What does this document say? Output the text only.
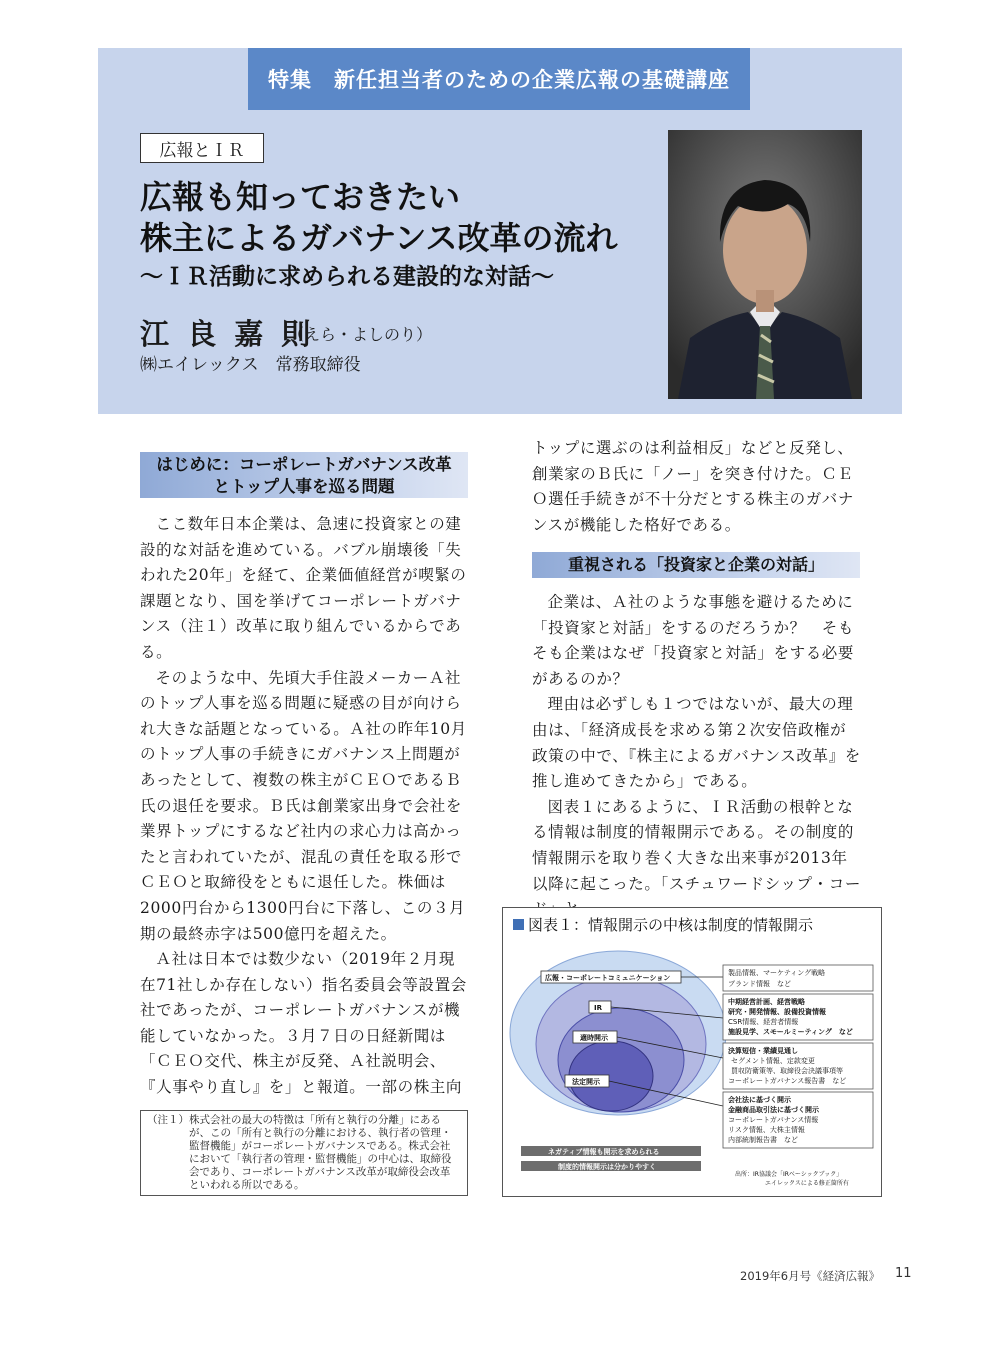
特集　新任担当者のための企業広報の基礎講座
広報とＩＲ
広報も知っておきたい
株主によるガバナンス改革の流れ
～ＩＲ活動に求められる建設的な対話～
江 良 嘉 則
（えら・よしのり）
㈱エイレックス　常務取締役
はじめに：コーポレートガバナンス改革
とトップ人事を巡る問題

ここ数年日本企業は、急速に投資家との建設的な対話を進めている。バブル崩壊後「失われた20年」を経て、企業価値経営が喫緊の課題となり、国を挙げてコーポレートガバナンス（注１）改革に取り組んでいるからである。

そのような中、先頃大手住設メーカーＡ社のトップ人事を巡る問題に疑惑の目が向けられ大きな話題となっている。Ａ社の昨年10月のトップ人事の手続きにガバナンス上問題があったとして、複数の株主がＣＥＯであるＢ氏の退任を要求。Ｂ氏は創業家出身で会社を業界トップにするなど社内の求心力は高かったと言われていたが、混乱の責任を取る形でＣＥＯと取締役をともに退任した。株価は2000円台から1300円台に下落し、この３月期の最終赤字は500億円を超えた。

Ａ社は日本では数少ない（2019年２月現在71社しか存在しない）指名委員会等設置会社であったが、コーポレートガバナンスが機能していなかった。３月７日の日経新聞は「ＣＥＯ交代、株主が反発、Ａ社説明会、『人事やり直し』を」と報道。一部の株主向

トップに選ぶのは利益相反」などと反発し、創業家のＢ氏に「ノー」を突き付けた。ＣＥＯ選任手続きが不十分だとする株主のガバナンスが機能した格好である。

重視される「投資家と企業の対話」

企業は、Ａ社のような事態を避けるために「投資家と対話」をするのだろうか？　そもそも企業はなぜ「投資家と対話」をする必要があるのか？

理由は必ずしも１つではないが、最大の理由は、「経済成長を求める第２次安倍政権が政策の中で、『株主によるガバナンス改革』を推し進めてきたから」である。

図表１にあるように、ＩＲ活動の根幹となる情報は制度的情報開示である。その制度的情報開示を取り巻く大きな出来事が2013年以降に起こった。「スチュワードシップ・コー

（注１） 株式会社の最大の特徴は「所有と執行の分離」にあるが、この「所有と執行の分離における、執行者の管理・監督機能」がコーポレートガバナンスである。株式会社において「執行者の管理・監督機能」の中心は、取締役会であり、コーポレートガバナンス改革が取締役会改革といわれる所以である。
広報・コーポレートコミュニケーション
IR
適時開示
法定開示
製品情報、マーケティング戦略
ブランド情報　など
中期経営計画、経営戦略
研究・開発情報、設備投資情報
CSR情報、経営者情報
施設見学、スモールミーティング　など
決算短信・業績見通し
セグメント情報、定款変更
買収防衛策等、取締役会決議事項等
コーポレートガバナンス報告書　など
会社法に基づく開示
金融商品取引法に基づく開示
コーポレートガバナンス情報
リスク情報、大株主情報
内部統制報告書　など
ネガティブ情報も開示を求められる
制度的情報開示は分かりやすく
出所：IR協議会「IRベーシックブック」
エイレックスによる修正箇所有
図表１：情報開示の中核は制度的情報開示
2019年6月号《経済広報》 11
